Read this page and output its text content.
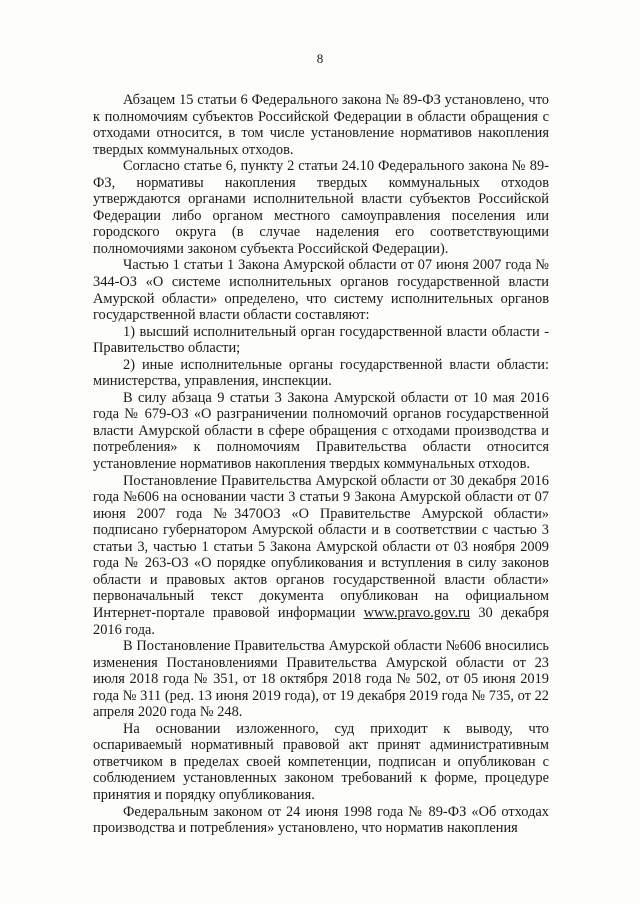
8

Абзацем 15 статьи 6 Федерального закона № 89-ФЗ установлено, что к полномочиям субъектов Российской Федерации в области обращения с отходами относится, в том числе установление нормативов накопления твердых коммунальных отходов.

Согласно статье 6, пункту 2 статьи 24.10 Федерального закона № 89-ФЗ, нормативы накопления твердых коммунальных отходов утверждаются органами исполнительной власти субъектов Российской Федерации либо органом местного самоуправления поселения или городского округа (в случае наделения его соответствующими полномочиями законом субъекта Российской Федерации).

Частью 1 статьи 1 Закона Амурской области от 07 июня 2007 года № 344-ОЗ «О системе исполнительных органов государственной власти Амурской области» определено, что систему исполнительных органов государственной власти области составляют:

1) высший исполнительный орган государственной власти области - Правительство области;

2) иные исполнительные органы государственной власти области: министерства, управления, инспекции.

В силу абзаца 9 статьи 3 Закона Амурской области от 10 мая 2016 года № 679-ОЗ «О разграничении полномочий органов государственной власти Амурской области в сфере обращения с отходами производства и потребления» к полномочиям Правительства области относится установление нормативов накопления твердых коммунальных отходов.

Постановление Правительства Амурской области от 30 декабря 2016 года №606 на основании части 3 статьи 9 Закона Амурской области от 07 июня 2007 года №3470ОЗ «О Правительстве Амурской области» подписано губернатором Амурской области и в соответствии с частью 3 статьи 3, частью 1 статьи 5 Закона Амурской области от 03 ноября 2009 года № 263-ОЗ «О порядке опубликования и вступления в силу законов области и правовых актов органов государственной власти области» первоначальный текст документа опубликован на официальном Интернет-портале правовой информации www.pravo.gov.ru 30 декабря 2016 года.

В Постановление Правительства Амурской области №606 вносились изменения Постановлениями Правительства Амурской области от 23 июля 2018 года № 351, от 18 октября 2018 года № 502, от 05 июня 2019 года № 311 (ред. 13 июня 2019 года), от 19 декабря 2019 года № 735, от 22 апреля 2020 года № 248.

На основании изложенного, суд приходит к выводу, что оспариваемый нормативный правовой акт принят административным ответчиком в пределах своей компетенции, подписан и опубликован с соблюдением установленных законом требований к форме, процедуре принятия и порядку опубликования.

Федеральным законом от 24 июня 1998 года № 89-ФЗ «Об отходах производства и потребления» установлено, что норматив накопления
